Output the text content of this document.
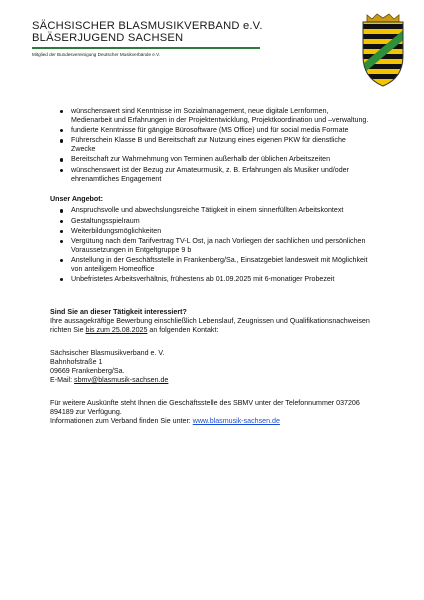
SÄCHSISCHER BLASMUSIKVERBAND e.V.
BLÄSERJUGEND SACHSEN
Mitglied der Bundesvereinigung Deutscher Musikverbände e.V.
wünschenswert sind Kenntnisse im Sozialmanagement, neue digitale Lernformen, Medienarbeit und Erfahrungen in der Projektentwicklung, Projektkoordination und –verwaltung.
fundierte Kenntnisse für gängige Bürosoftware (MS Office) und für social media Formate
Führerschein Klasse B und Bereitschaft zur Nutzung eines eigenen PKW für dienstliche Zwecke
Bereitschaft zur Wahrnehmung von Terminen außerhalb der üblichen Arbeitszeiten
wünschenswert ist der Bezug zur Amateurmusik, z. B. Erfahrungen als Musiker und/oder ehrenamtliches Engagement
Unser Angebot:
Anspruchsvolle und abwechslungsreiche Tätigkeit in einem sinnerfüllten Arbeitskontext
Gestaltungsspielraum
Weiterbildungsmöglichkeiten
Vergütung nach dem Tarifvertrag TV-L Ost, ja nach Vorliegen der sachlichen und persönlichen Voraussetzungen in Entgeltgruppe 9 b
Anstellung in der Geschäftsstelle in Frankenberg/Sa., Einsatzgebiet landesweit mit Möglichkeit von anteiligem Homeoffice
Unbefristetes Arbeitsverhältnis, frühestens ab 01.09.2025 mit 6-monatiger Probezeit
Sind Sie an dieser Tätigkeit interessiert?

Ihre aussagekräftige Bewerbung einschließlich Lebenslauf, Zeugnissen und Qualifikationsnachweisen richten Sie bis zum 25.08.2025 an folgenden Kontakt:

Sächsischer Blasmusikverband e. V.
Bahnhofstraße 1
09669 Frankenberg/Sa.
E-Mail: sbmv@blasmusik-sachsen.de
Für weitere Auskünfte steht Ihnen die Geschäftsstelle des SBMV unter der Telefonnummer 037206 894189 zur Verfügung.
Informationen zum Verband finden Sie unter: www.blasmusik-sachsen.de
